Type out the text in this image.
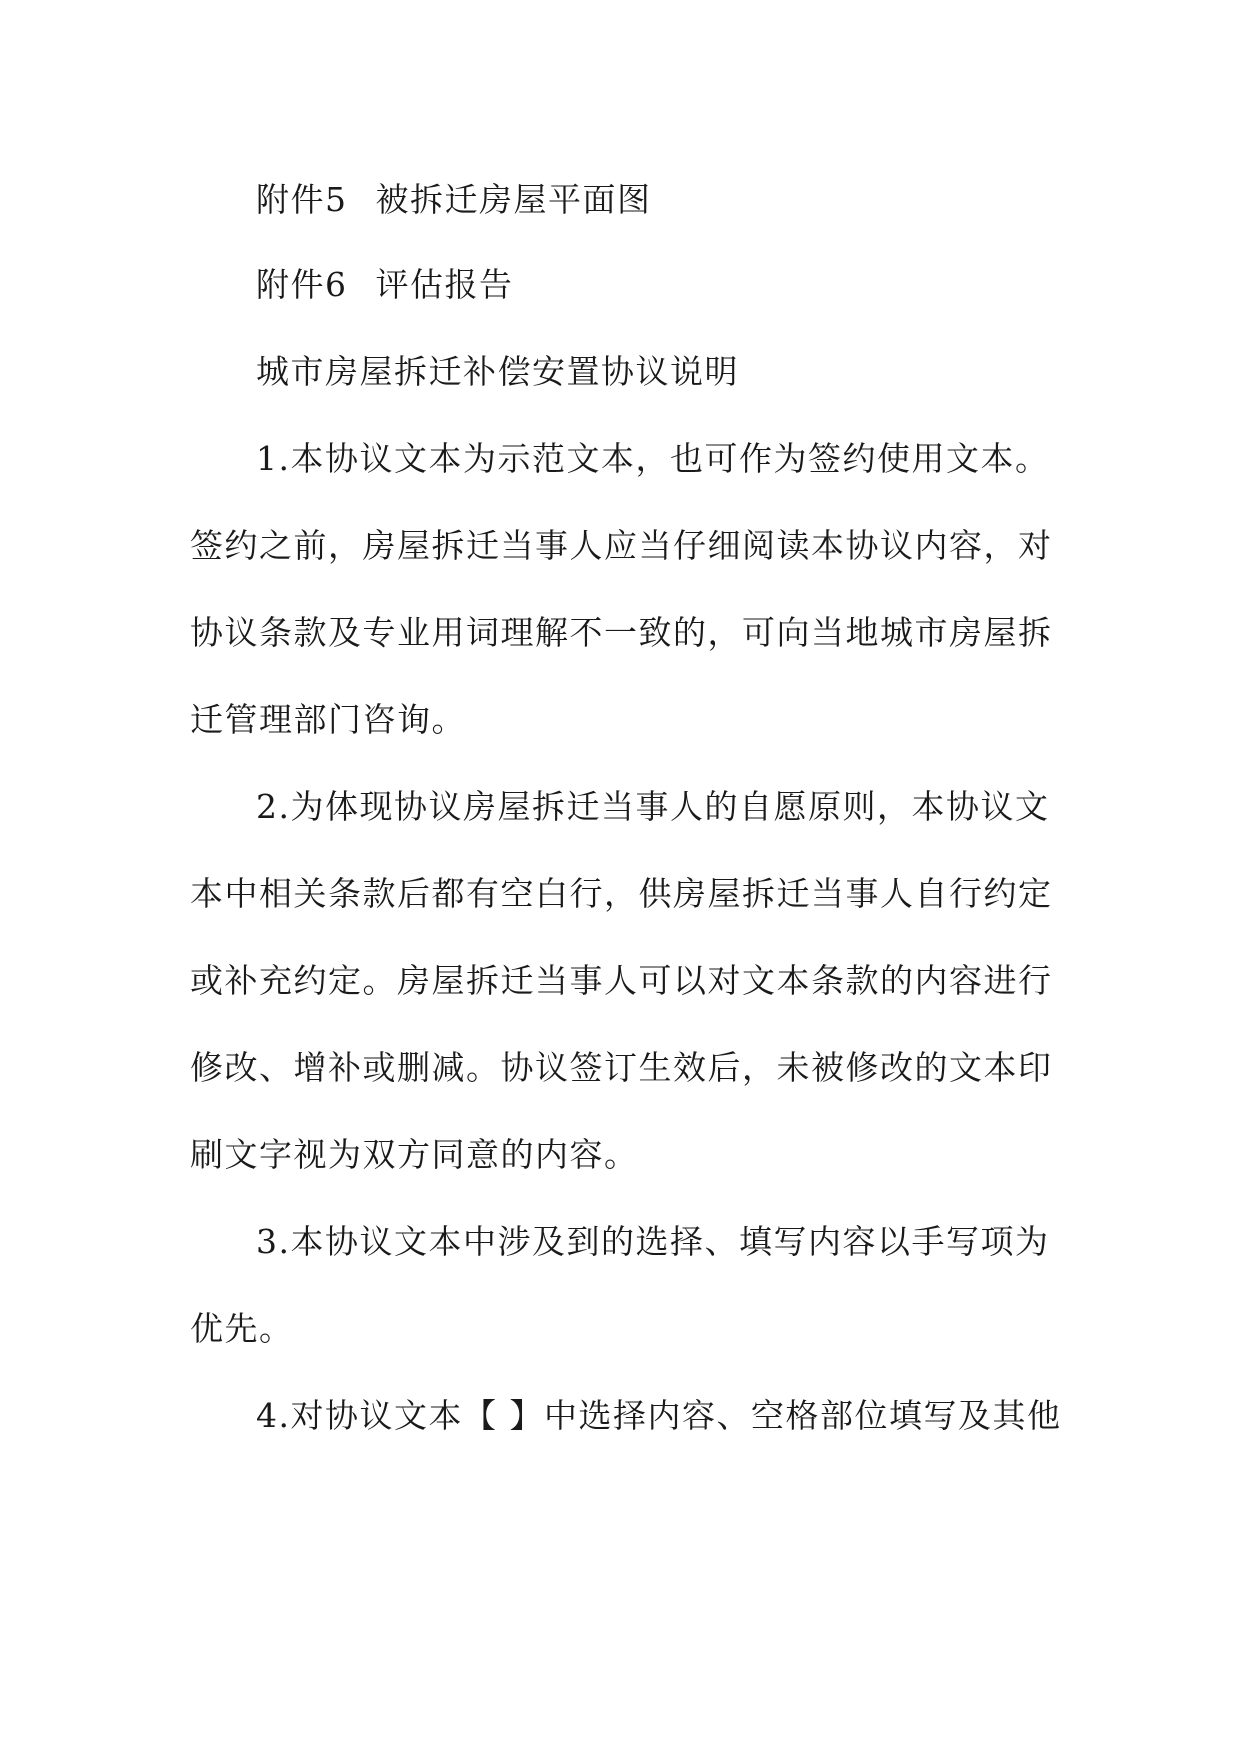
附件5 被拆迁房屋平面图
附件6 评估报告
城市房屋拆迁补偿安置协议说明
1.本协议文本为示范文本，也可作为签约使用文本。
签约之前，房屋拆迁当事人应当仔细阅读本协议内容，对
协议条款及专业用词理解不一致的，可向当地城市房屋拆
迁管理部门咨询。
2.为体现协议房屋拆迁当事人的自愿原则，本协议文
本中相关条款后都有空白行，供房屋拆迁当事人自行约定
或补充约定。房屋拆迁当事人可以对文本条款的内容进行
修改、增补或删减。协议签订生效后，未被修改的文本印
刷文字视为双方同意的内容。
3.本协议文本中涉及到的选择、填写内容以手写项为
优先。
4.对协议文本【 】中选择内容、空格部位填写及其他
